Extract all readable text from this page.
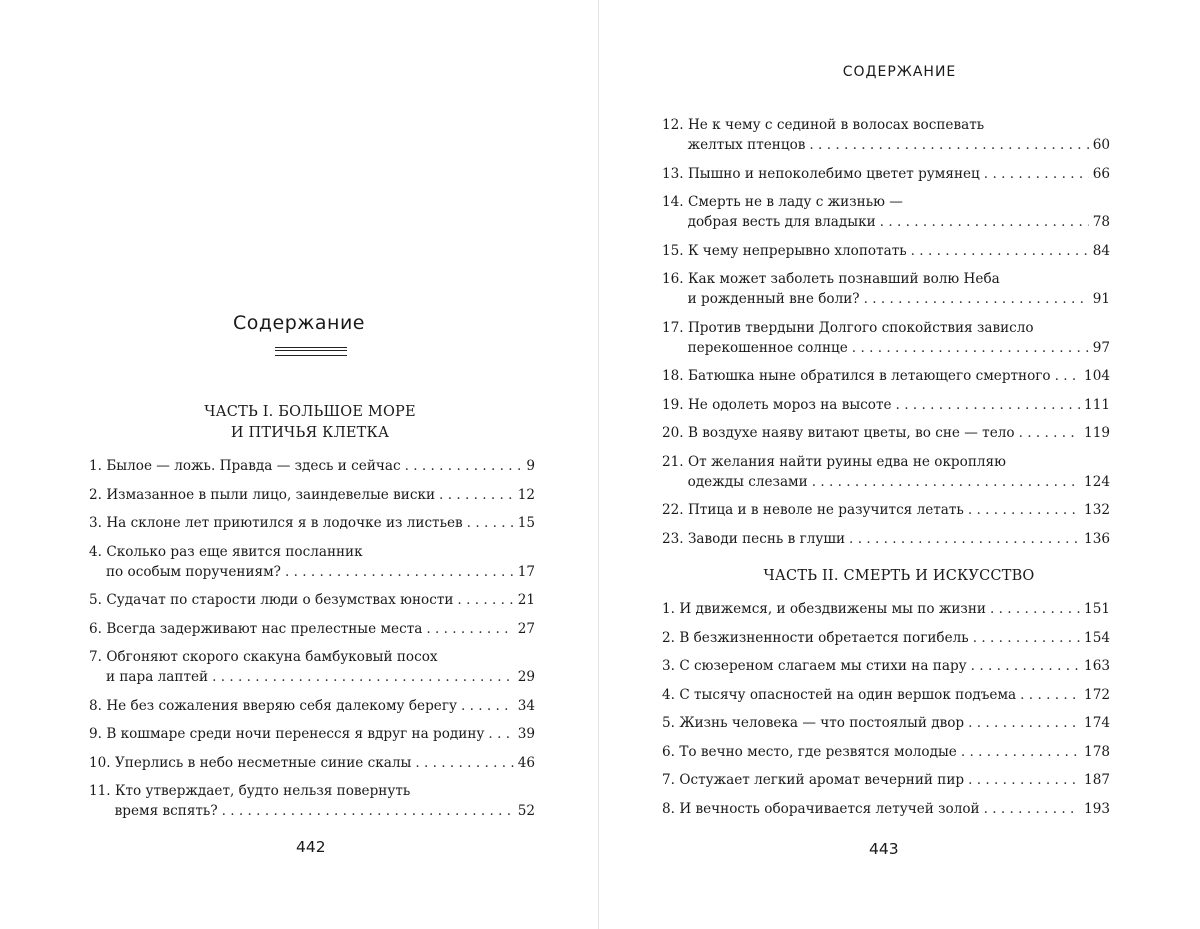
Содержание
ЧАСТЬ I. БОЛЬШОЕ МОРЕ
И ПТИЧЬЯ КЛЕТКА
1. Былое — ложь. Правда — здесь и сейчас . . .	9
2. Измазанное в пыли лицо, заиндевелые виски . . .	12
3. На склоне лет приютился я в лодочке из листьев . . .	15
4. Сколько раз еще явится посланник
по особым поручениям? . . .	17
5. Судачат по старости люди о безумствах юности . . .	21
6. Всегда задерживают нас прелестные места . . .	27
7. Обгоняют скорого скакуна бамбуковый посох
и пара лаптей . . .	29
8. Не без сожаления вверяю себя далекому берегу . . .	34
9. В кошмаре среди ночи перенесся я вдруг на родину . . . 39
10. Уперлись в небо несметные синие скалы . . .	46
11. Кто утверждает, будто нельзя повернуть
время вспять? . . .	52
442
СОДЕРЖАНИЕ
12. Не к чему с сединой в волосах воспевать
желтых птенцов . . .	60
13. Пышно и непоколебимо цветет румянец . . .	66
14. Смерть не в ладу с жизнью —
добрая весть для владыки . . .	78
15. К чему непрерывно хлопотать . . .	84
16. Как может заболеть познавший волю Неба
и рожденный вне боли? . . .	91
17. Против твердыни Долгого спокойствия зависло
перекошенное солнце . . .	97
18. Батюшка ныне обратился в летающего смертного . . . 104
19. Не одолеть мороз на высоте . . .	111
20. В воздухе наяву витают цветы, во сне — тело . . .	119
21. От желания найти руины едва не окропляю
одежды слезами . . .	124
22. Птица и в неволе не разучится летать . . .	132
23. Заводи песнь в глуши . . .	136
ЧАСТЬ II. СМЕРТЬ И ИСКУССТВО
1. И движемся, и обездвижены мы по жизни . . .	151
2. В безжизненности обретается погибель . . .	154
3. С сюзереном слагаем мы стихи на пару . . .	163
4. С тысячу опасностей на один вершок подъема . . .	172
5. Жизнь человека — что постоялый двор . . .	174
6. То вечно место, где резвятся молодые . . .	178
7. Остужает легкий аромат вечерний пир . . .	187
8. И вечность оборачивается летучей золой . . .	193
443
